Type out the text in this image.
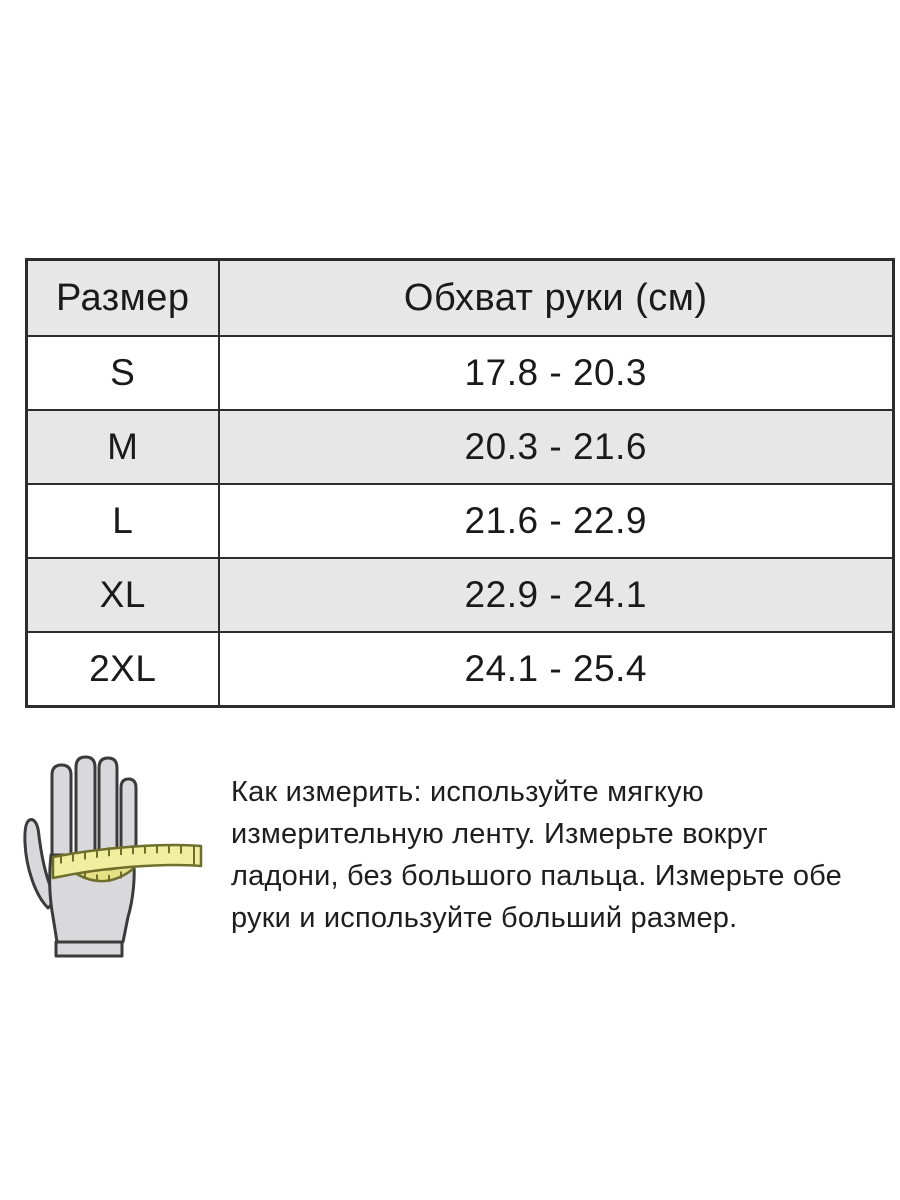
Размер	Обхват руки (см)
S	17.8 - 20.3
M	20.3 - 21.6
L	21.6 - 22.9
XL	22.9 - 24.1
2XL	24.1 - 25.4
Как измерить: используйте мягкую
измерительную ленту. Измерьте вокруг
ладони, без большого пальца. Измерьте обе
руки и используйте больший размер.
